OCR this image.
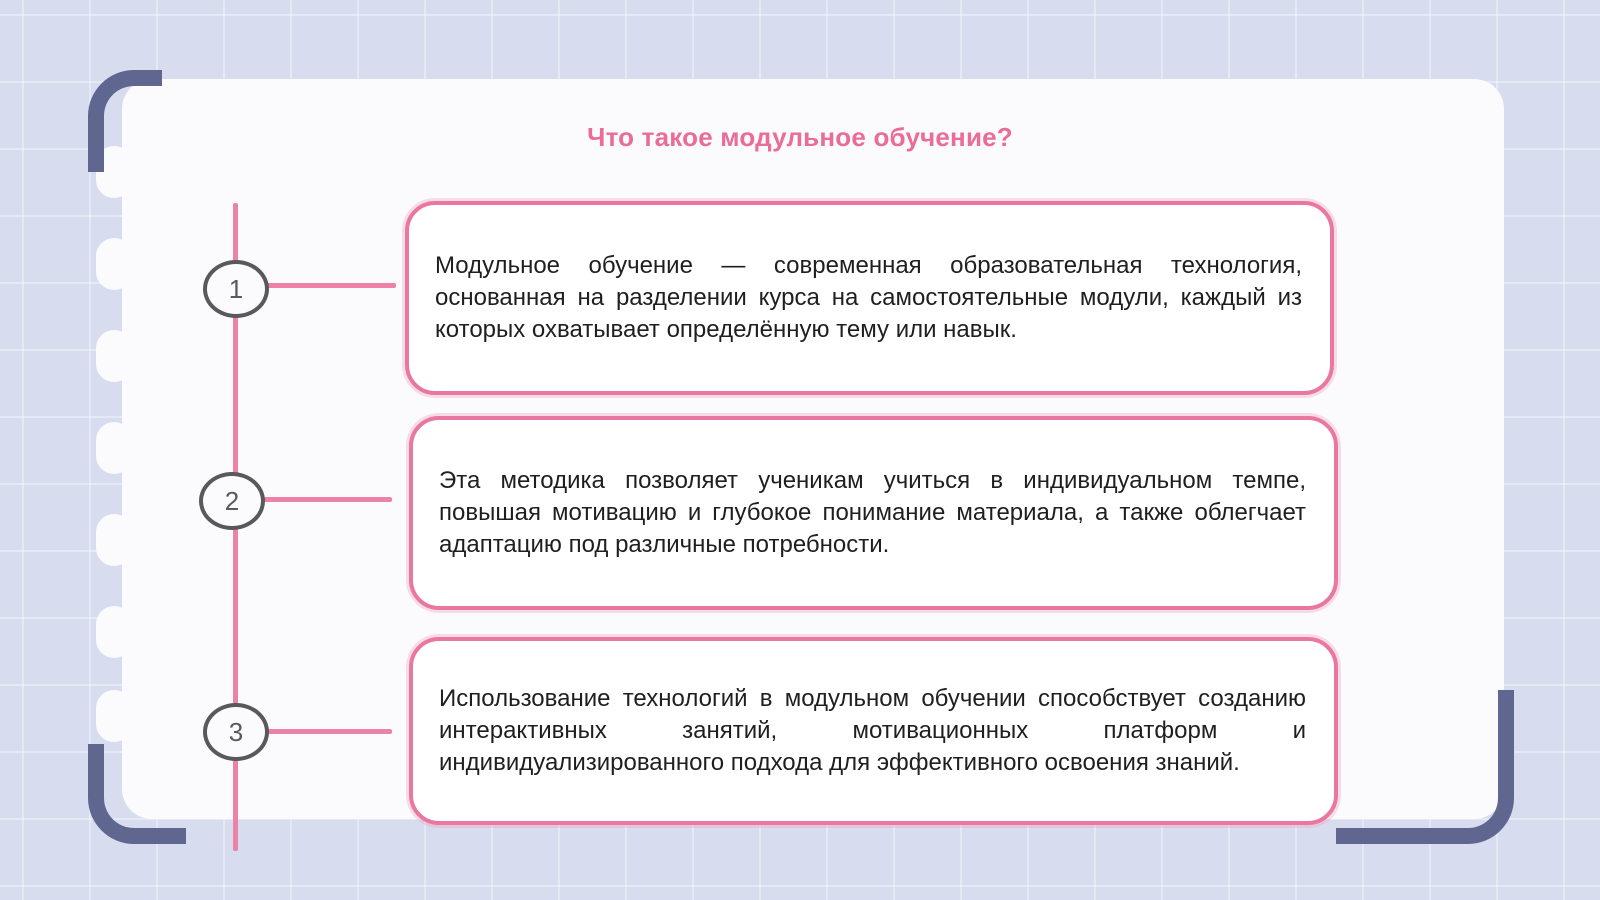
Что такое модульное обучение?
1
2
3

Модульное обучение — современная образовательная технология, основанная на разделении курса на самостоятельные модули, каждый из которых охватывает определённую тему или навык.

Эта методика позволяет ученикам учиться в индивидуальном темпе, повышая мотивацию и глубокое понимание материала, а также облегчает адаптацию под различные потребности.

Использование технологий в модульном обучении способствует созданию интерактивных занятий, мотивационных платформ и индивидуализированного подхода для эффективного освоения знаний.
